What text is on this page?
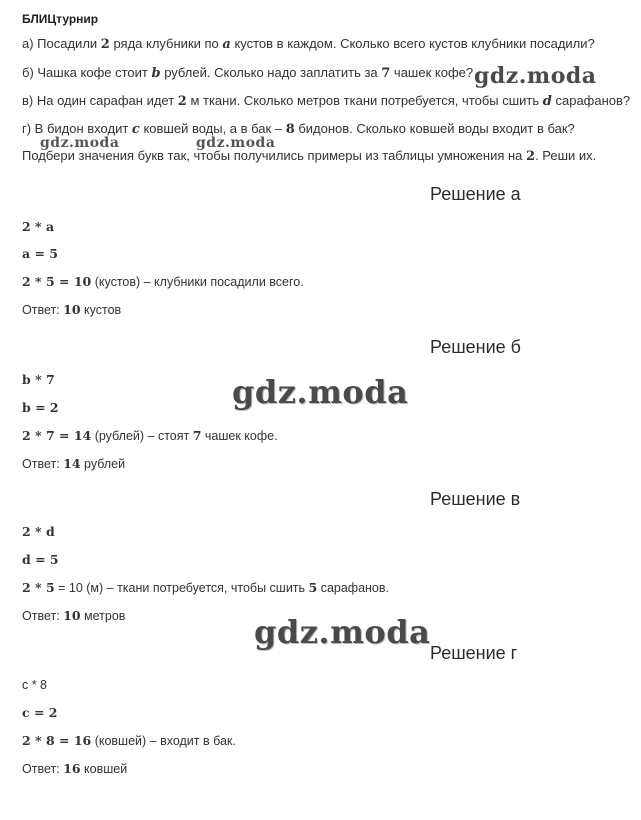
БЛИЦтурнир
а) Посадили 2 ряда клубники по a кустов в каждом. Сколько всего кустов клубники посадили?
б) Чашка кофе стоит b рублей. Сколько надо заплатить за 7 чашек кофе?
в) На один сарафан идет 2 м ткани. Сколько метров ткани потребуется, чтобы сшить d сарафанов?
г) В бидон входит c ковшей воды, а в бак – 8 бидонов. Сколько ковшей воды входит в бак?
Подбери значения букв так, чтобы получились примеры из таблицы умножения на 2. Реши их.
Решение а
2 * a
a = 5
2 * 5 = 10 (кустов) – клубники посадили всего.
Ответ: 10 кустов
Решение б
b * 7
b = 2
2 * 7 = 14 (рублей) – стоят 7 чашек кофе.
Ответ: 14 рублей
Решение в
2 * d
d = 5
2 * 5 = 10 (м) – ткани потребуется, чтобы сшить 5 сарафанов.
Ответ: 10 метров
Решение г
c * 8
c = 2
2 * 8 = 16 (ковшей) – входит в бак.
Ответ: 16 ковшей
gdz.moda
gdz.moda	gdz.moda
gdz.moda
gdz.moda
